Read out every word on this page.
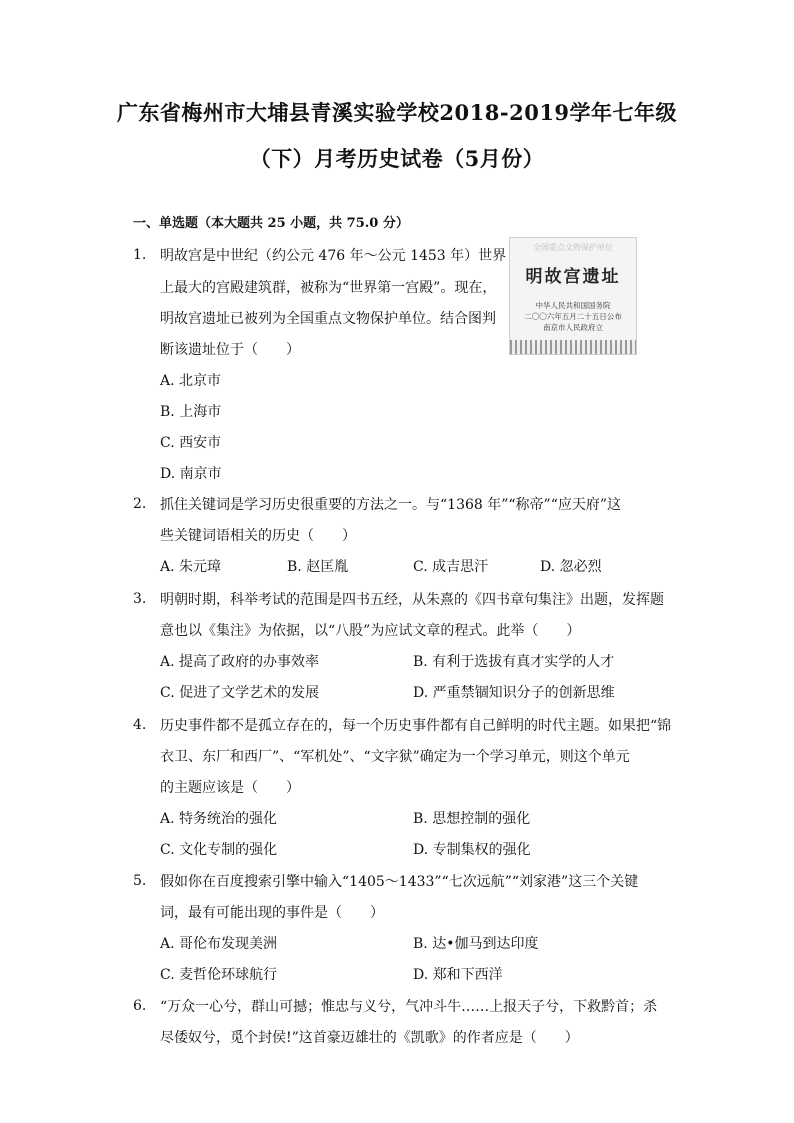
广东省梅州市大埔县青溪实验学校2018-2019学年七年级
（下）月考历史试卷（5月份）
一、单选题（本大题共 25 小题，共 75.0 分）
全国重点文物保护单位
明故宫遗址
中华人民共和国国务院
二〇〇六年五月二十五日公布
南京市人民政府立
1. 明故宫是中世纪（约公元 476 年～公元 1453 年）世界
上最大的宫殿建筑群，被称为“世界第一宫殿”。现在，
明故宫遗址已被列为全国重点文物保护单位。结合图判
断该遗址位于（　　）
A. 北京市
B. 上海市
C. 西安市
D. 南京市
2. 抓住关键词是学习历史很重要的方法之一。与“1368 年”“称帝”“应天府”这
些关键词语相关的历史（　　）
A. 朱元璋	B. 赵匡胤	C. 成吉思汗	D. 忽必烈
3. 明朝时期，科举考试的范围是四书五经，从朱熹的《四书章句集注》出题，发挥题
意也以《集注》为依据，以“八股”为应试文章的程式。此举（　　）
A. 提高了政府的办事效率	B. 有利于选拔有真才实学的人才
C. 促进了文学艺术的发展	D. 严重禁锢知识分子的创新思维
4. 历史事件都不是孤立存在的，每一个历史事件都有自己鲜明的时代主题。如果把“锦
衣卫、东厂和西厂”、“军机处”、“文字狱”确定为一个学习单元，则这个单元
的主题应该是（　　）
A. 特务统治的强化	B. 思想控制的强化
C. 文化专制的强化	D. 专制集权的强化
5. 假如你在百度搜索引擎中输入“1405～1433”“七次远航”“刘家港”这三个关键
词，最有可能出现的事件是（　　）
A. 哥伦布发现美洲	B. 达•伽马到达印度
C. 麦哲伦环球航行	D. 郑和下西洋
6. “万众一心兮，群山可撼；惟忠与义兮，气冲斗牛……上报天子兮，下救黔首；杀
尽倭奴兮，觅个封侯!”这首豪迈雄壮的《凯歌》的作者应是（　　）
